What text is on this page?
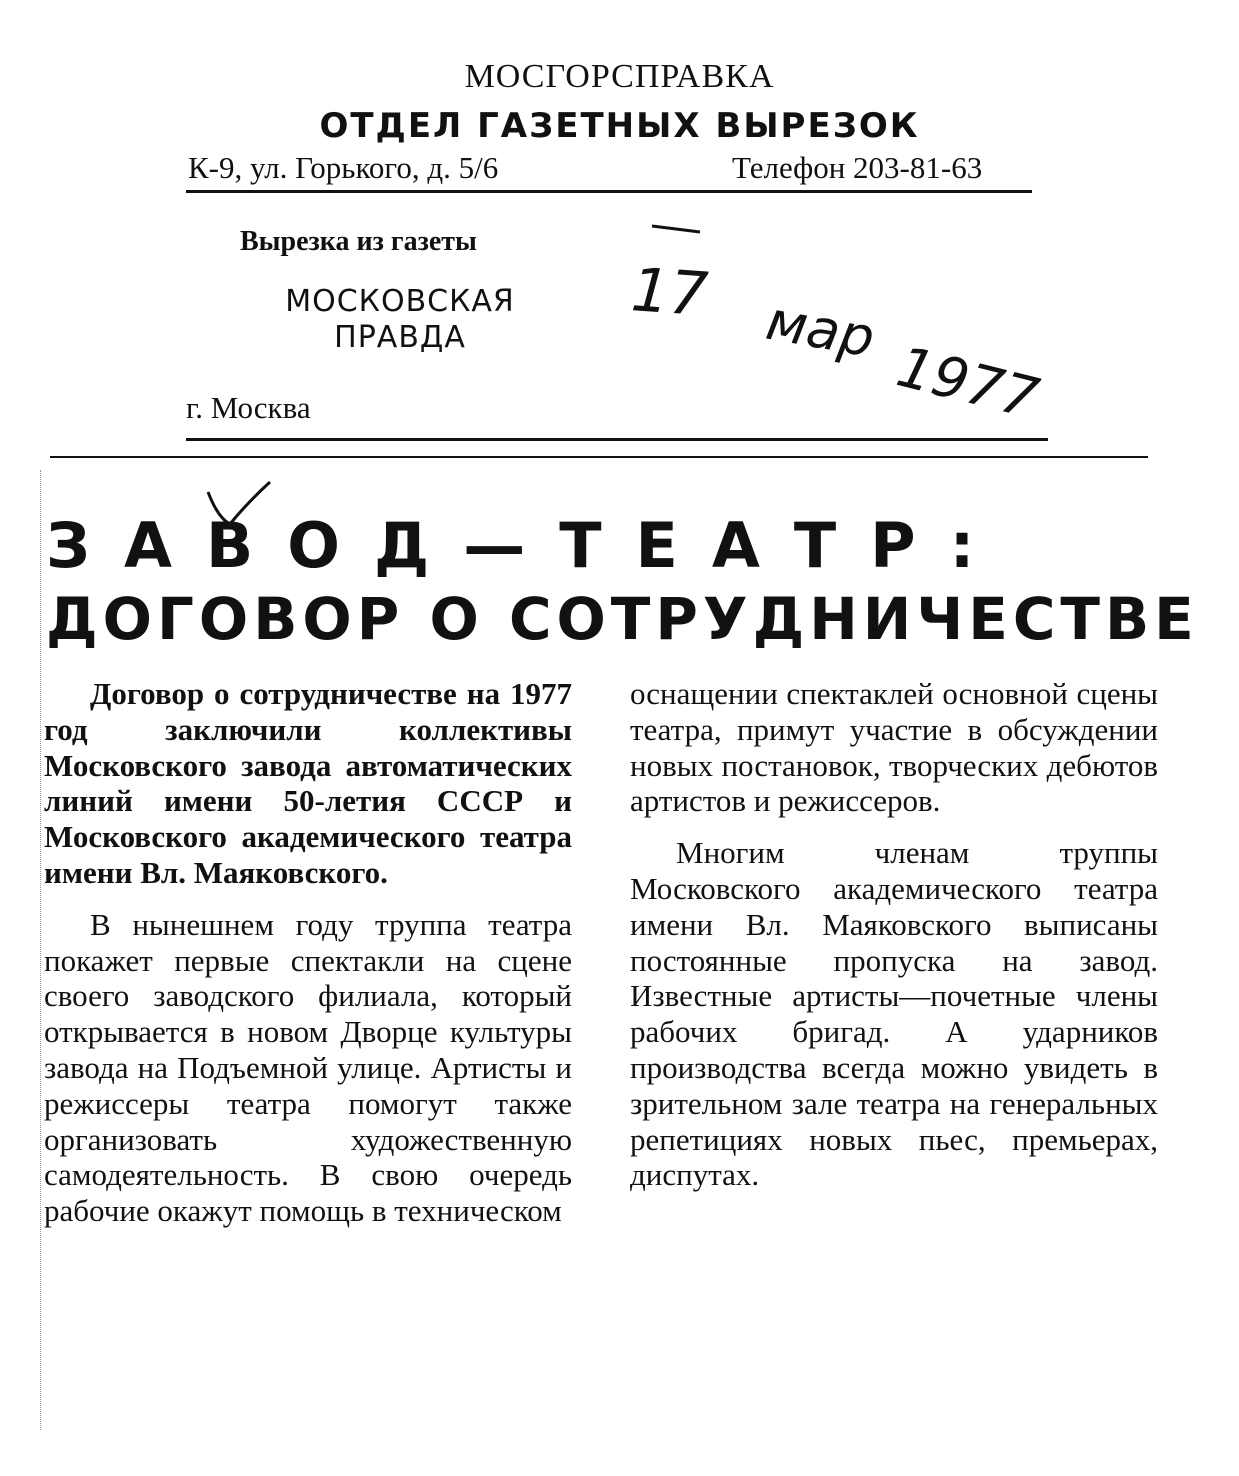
МОСГОРСПРАВКА
ОТДЕЛ ГАЗЕТНЫХ ВЫРЕЗОК
К-9, ул. Горького, д. 5/6	Телефон 203-81-63
Вырезка из газеты
МОСКОВСКАЯ
ПРАВДА
г. Москва
17 мар
1977
ЗАВОД—ТЕАТР:
ДОГОВОР О СОТРУДНИЧЕСТВЕ

Договор о сотрудничестве на 1977 год заключили коллективы Московского завода автоматических линий имени 50-летия СССР и Московского академического театра имени Вл. Маяковского.

В нынешнем году труппа театра покажет первые спектакли на сцене своего заводского филиала, который открывается в новом Дворце культуры завода на Подъемной улице. Артисты и режиссеры театра помогут также организовать художественную самодеятельность. В свою очередь рабочие окажут помощь в техническом

оснащении спектаклей основной сцены театра, примут участие в обсуждении новых постановок, творческих дебютов артистов и режиссеров.

Многим членам труппы Московского академического театра имени Вл. Маяковского выписаны постоянные пропуска на завод. Известные артисты—почетные члены рабочих бригад. А ударников производства всегда можно увидеть в зрительном зале театра на генеральных репетициях новых пьес, премьерах, диспутах.
